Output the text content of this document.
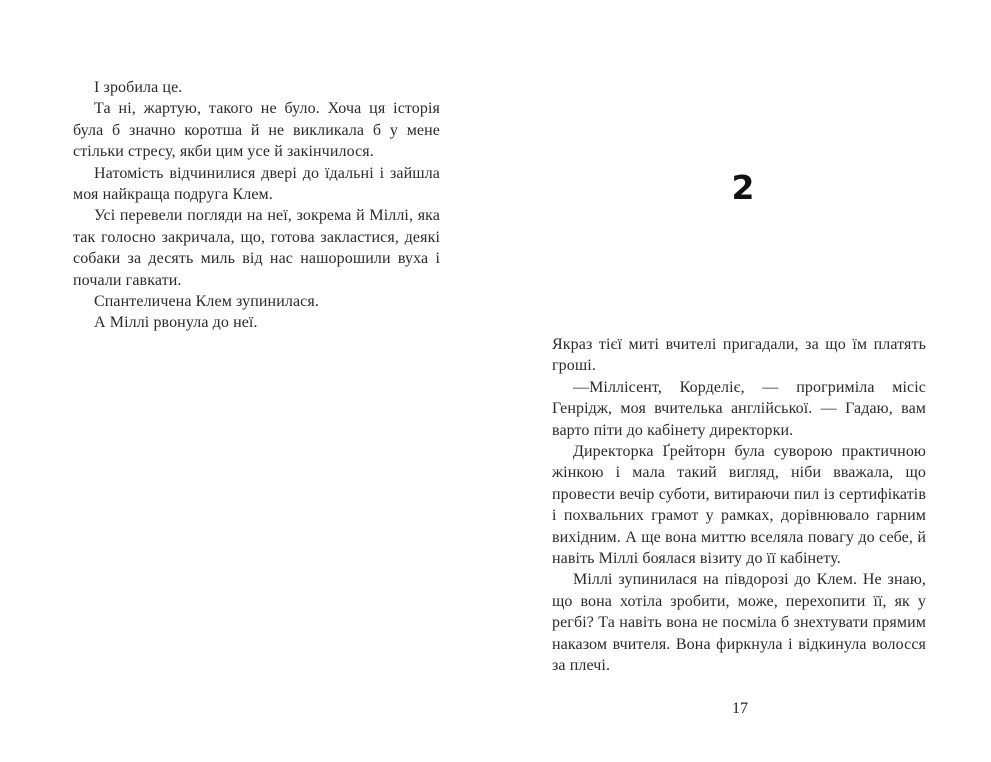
І зробила це.

Та ні, жартую, такого не було. Хоча ця історія була б значно коротша й не викликала б у мене стільки стресу, якби цим усе й закінчилося.

Натомість відчинилися двері до їдальні і зайшла моя найкраща подруга Клем.

Усі перевели погляди на неї, зокрема й Міллі, яка так голосно закричала, що, готова закластися, деякі собаки за десять миль від нас нашорошили вуха і почали гавкати.

Спантеличена Клем зупинилася.

А Міллі рвонула до неї.

2

Якраз тієї миті вчителі пригадали, за що їм платять гроші.

—Міллісент, Корделіє, — прогриміла місіс Генрідж, моя вчителька англійської. — Гадаю, вам варто піти до кабінету директорки.

Директорка Ґрейторн була суворою практичною жінкою і мала такий вигляд, ніби вважала, що провести вечір суботи, витираючи пил із сертифікатів і похвальних грамот у рамках, дорівнювало гарним вихідним. А ще вона миттю вселяла повагу до себе, й навіть Міллі боялася візиту до її кабінету.

Міллі зупинилася на півдорозі до Клем. Не знаю, що вона хотіла зробити, може, перехопити її, як у регбі? Та навіть вона не посміла б знехтувати прямим наказом вчителя. Вона фиркнула і відкинула волосся за плечі.

17
